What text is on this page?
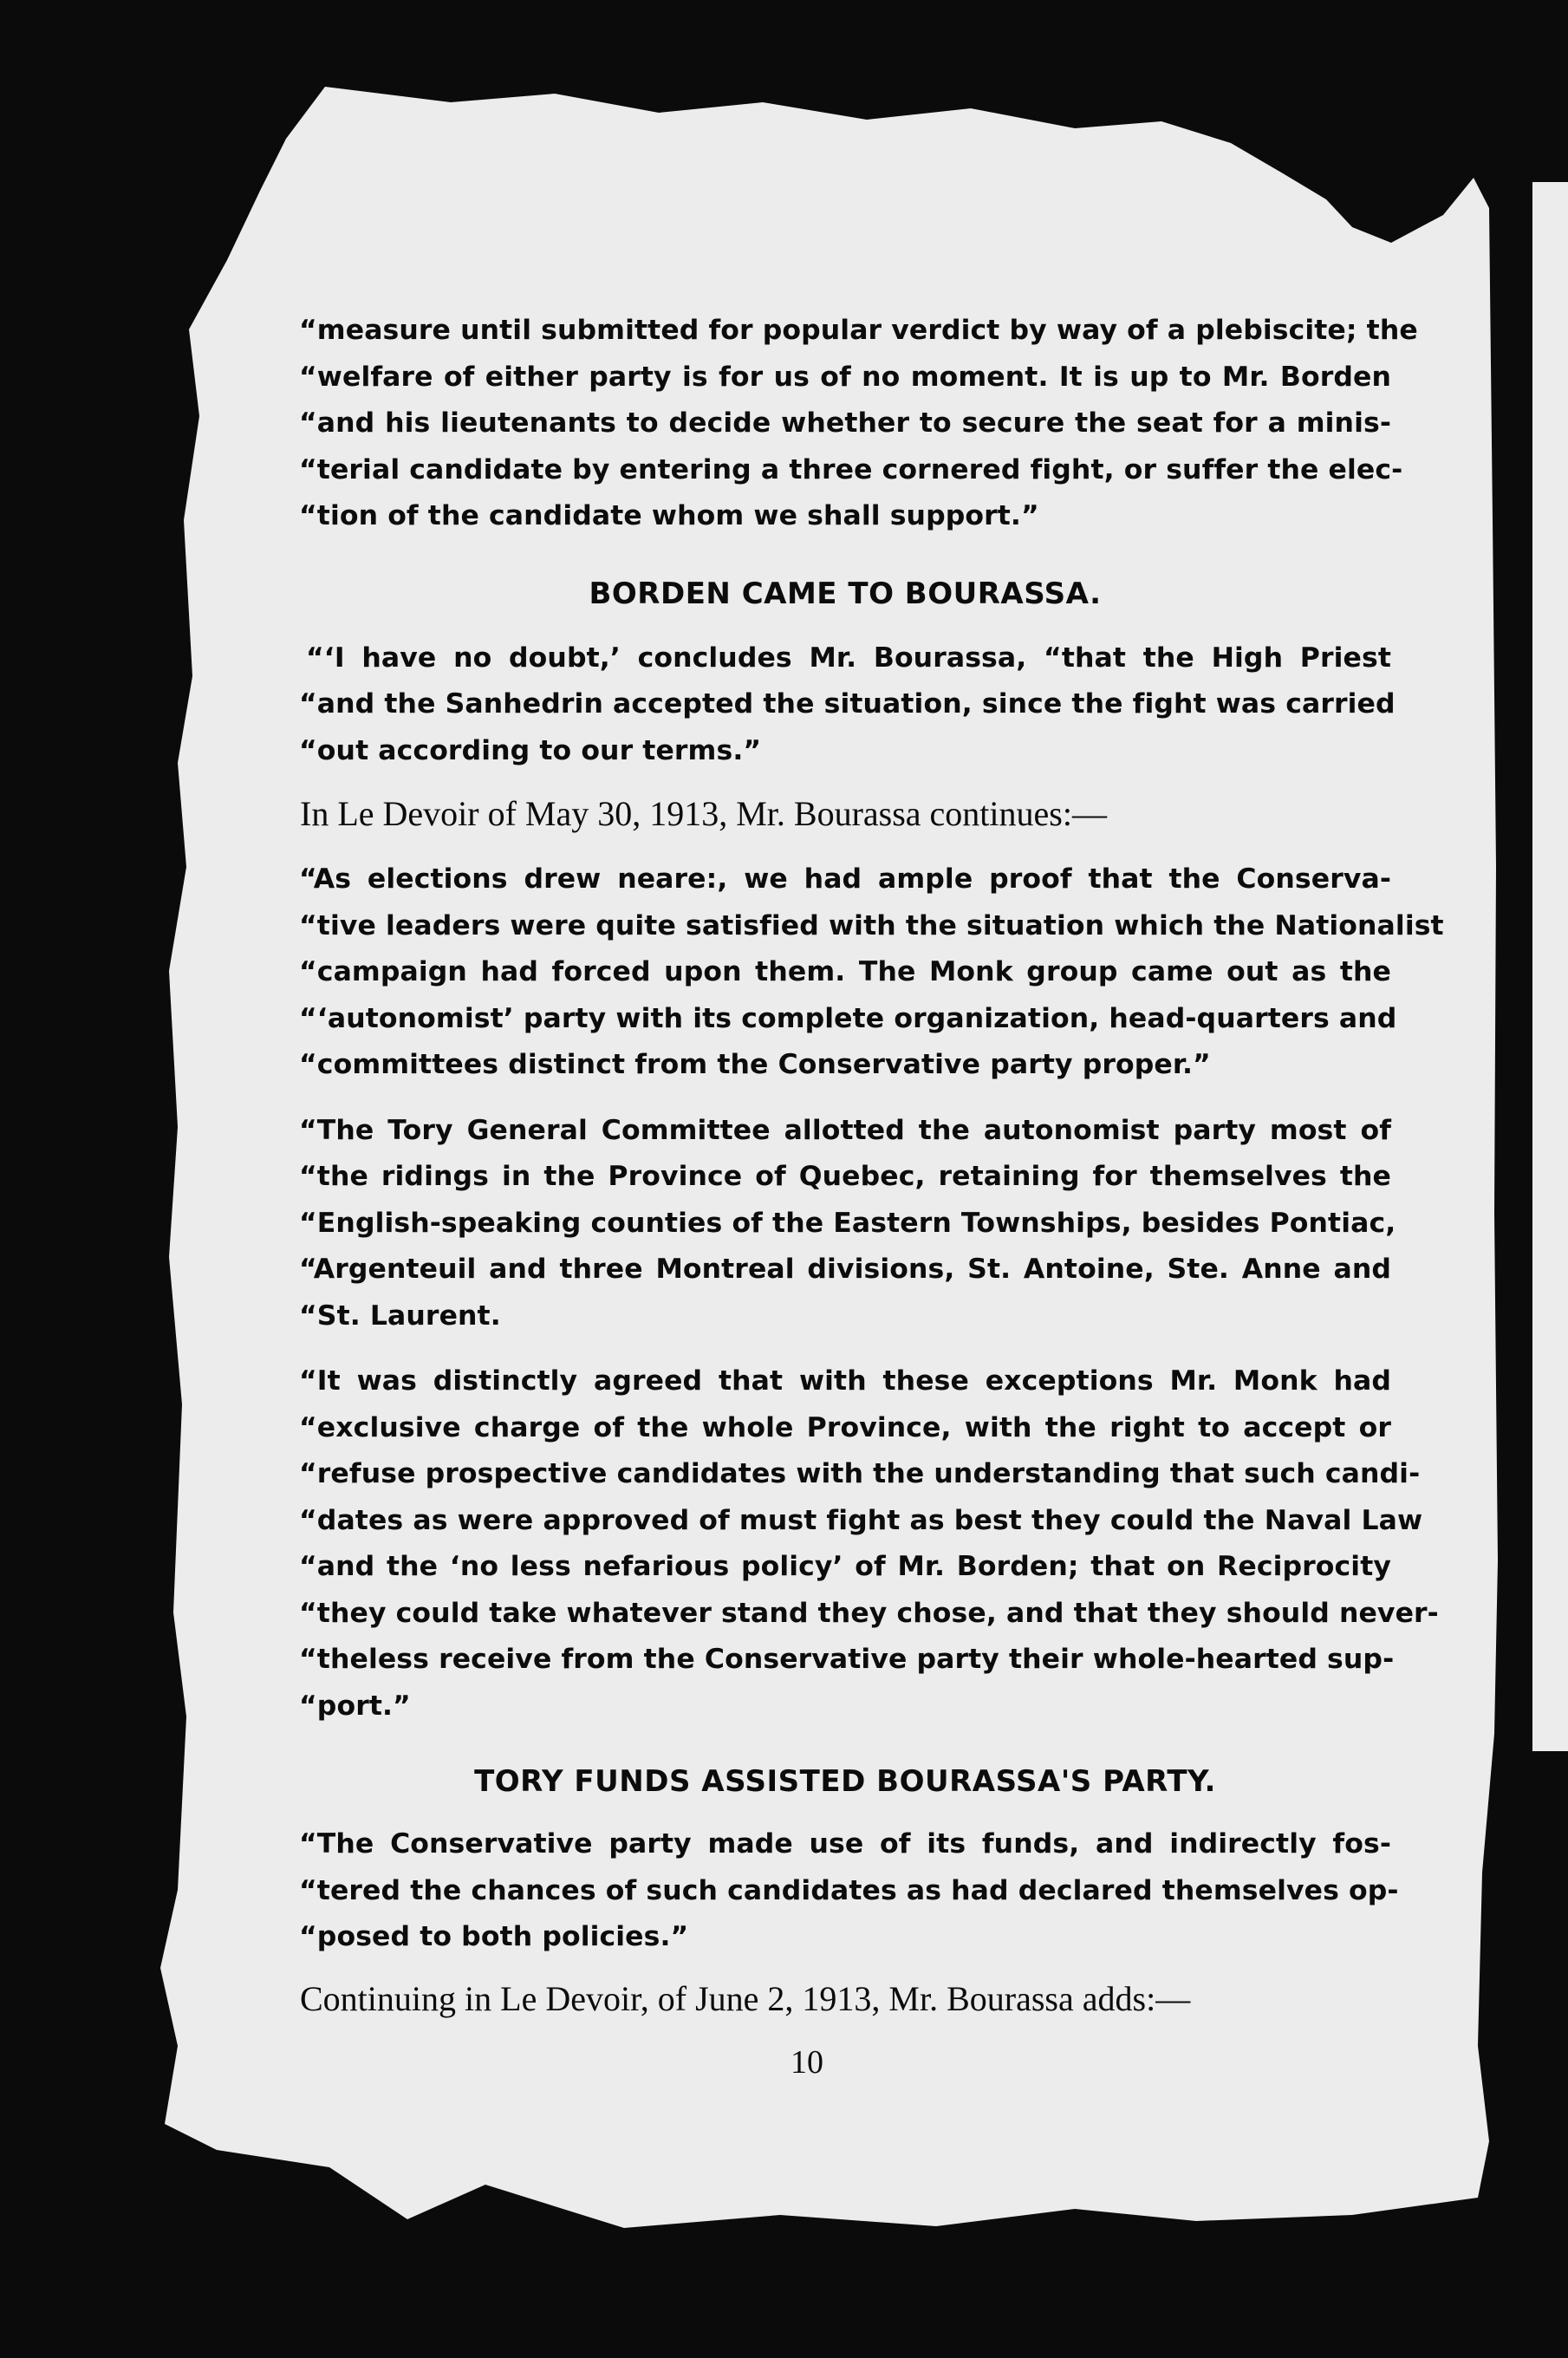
“measure until submitted for popular verdict by way of a plebiscite; the
“welfare of either party is for us of no moment. It is up to Mr. Borden
“and his lieutenants to decide whether to secure the seat for a minis-
“terial candidate by entering a three cornered fight, or suffer the elec-
“tion of the candidate whom we shall support.”
BORDEN CAME TO BOURASSA.
“‘I have no doubt,’ concludes Mr. Bourassa, “that the High Priest
“and the Sanhedrin accepted the situation, since the fight was carried
“out according to our terms.”

In Le Devoir of May 30, 1913, Mr. Bourassa continues:—

“As elections drew neare:, we had ample proof that the Conserva-
“tive leaders were quite satisfied with the situation which the Nationalist
“campaign had forced upon them. The Monk group came out as the
“‘autonomist’ party with its complete organization, head-quarters and
“committees distinct from the Conservative party proper.”
“The Tory General Committee allotted the autonomist party most of
“the ridings in the Province of Quebec, retaining for themselves the
“English-speaking counties of the Eastern Townships, besides Pontiac,
“Argenteuil and three Montreal divisions, St. Antoine, Ste. Anne and
“St. Laurent.
“It was distinctly agreed that with these exceptions Mr. Monk had
“exclusive charge of the whole Province, with the right to accept or
“refuse prospective candidates with the understanding that such candi-
“dates as were approved of must fight as best they could the Naval Law
“and the ‘no less nefarious policy’ of Mr. Borden; that on Reciprocity
“they could take whatever stand they chose, and that they should never-
“theless receive from the Conservative party their whole-hearted sup-
“port.”
TORY FUNDS ASSISTED BOURASSA'S PARTY.
“The Conservative party made use of its funds, and indirectly fos-
“tered the chances of such candidates as had declared themselves op-
“posed to both policies.”

Continuing in Le Devoir, of June 2, 1913, Mr. Bourassa adds:—

10
